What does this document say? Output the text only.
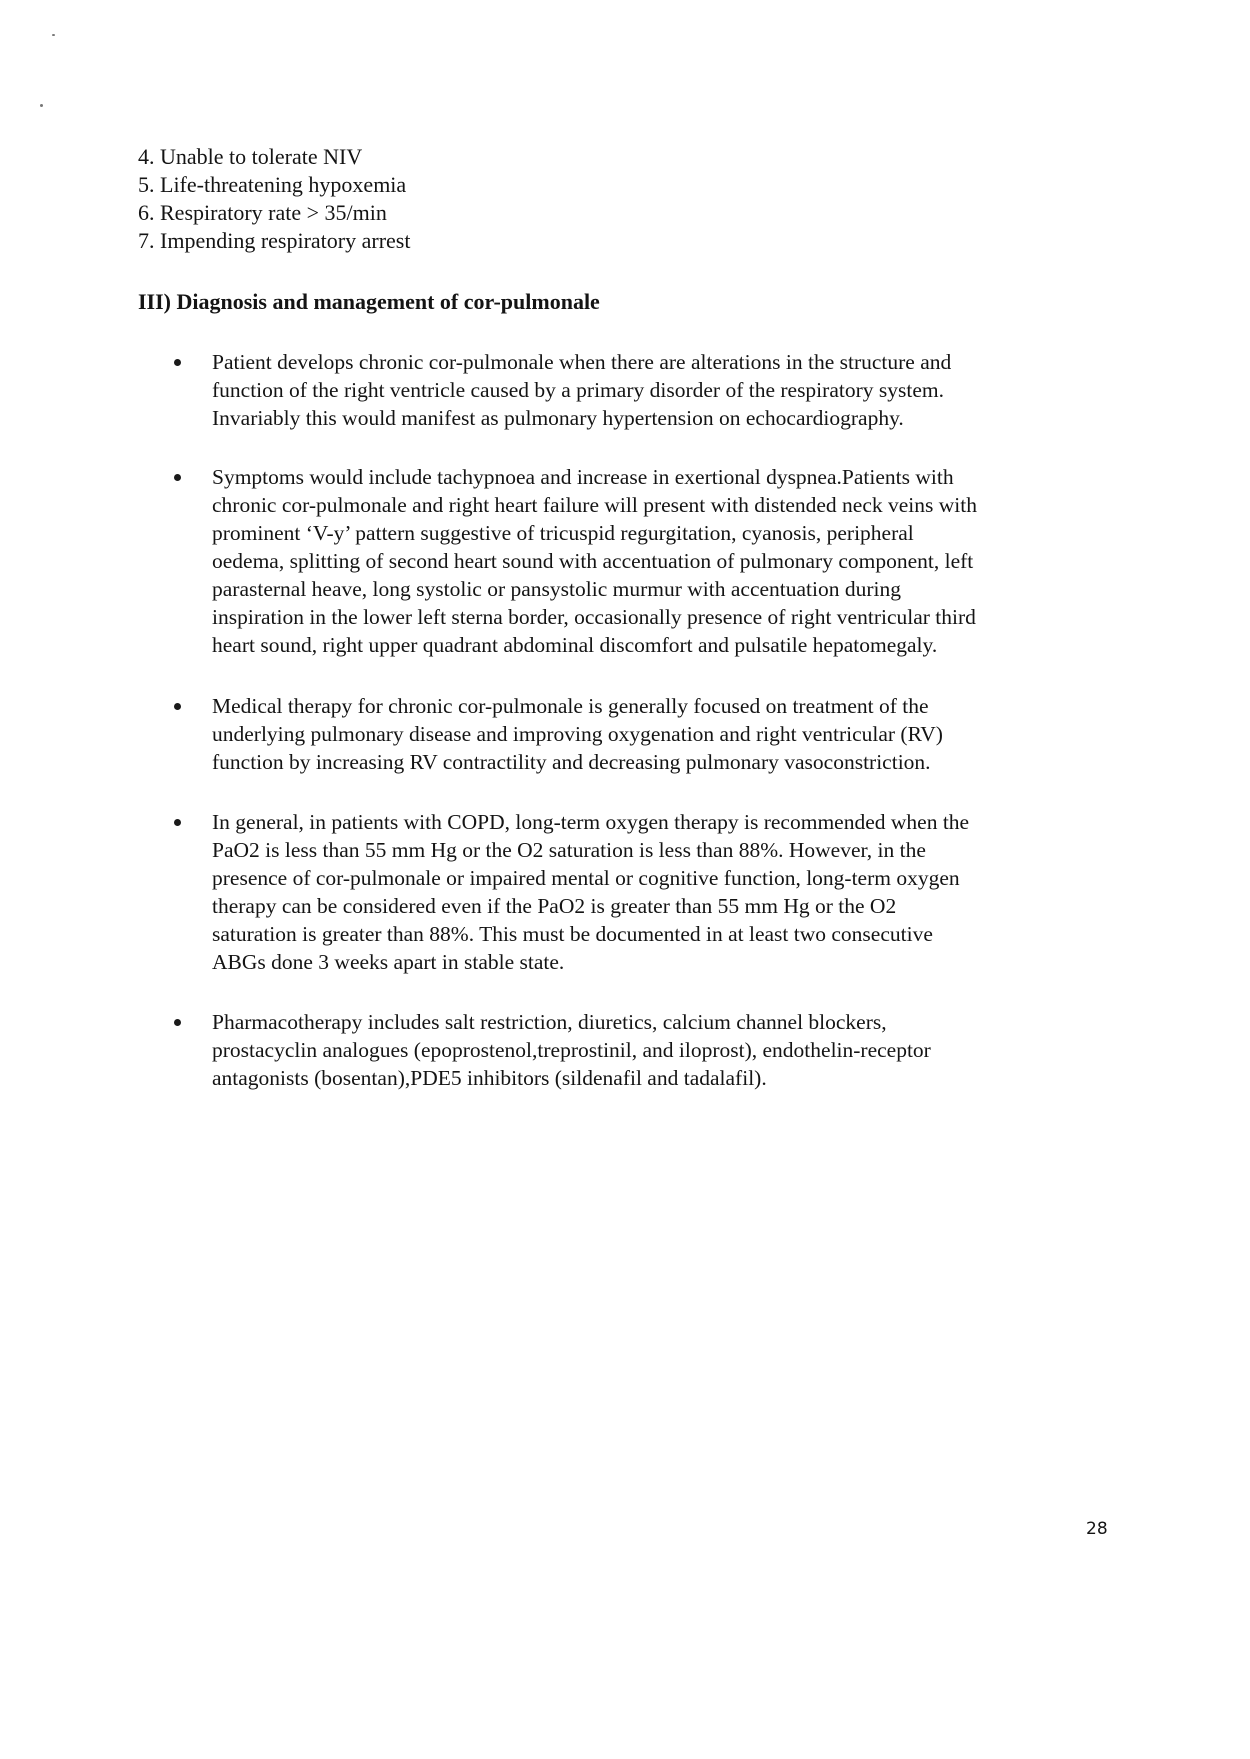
4. Unable to tolerate NIV
5. Life-threatening hypoxemia
6. Respiratory rate > 35/min
7. Impending respiratory arrest
III) Diagnosis and management of cor-pulmonale

Patient develops chronic cor-pulmonale when there are alterations in the structure and
function of the right ventricle caused by a primary disorder of the respiratory system.
Invariably this would manifest as pulmonary hypertension on echocardiography.

Symptoms would include tachypnoea and increase in exertional dyspnea.Patients with
chronic cor-pulmonale and right heart failure will present with distended neck veins with
prominent ‘V-y’ pattern suggestive of tricuspid regurgitation, cyanosis, peripheral
oedema, splitting of second heart sound with accentuation of pulmonary component, left
parasternal heave, long systolic or pansystolic murmur with accentuation during
inspiration in the lower left sterna border, occasionally presence of right ventricular third
heart sound, right upper quadrant abdominal discomfort and pulsatile hepatomegaly.

Medical therapy for chronic cor-pulmonale is generally focused on treatment of the
underlying pulmonary disease and improving oxygenation and right ventricular (RV)
function by increasing RV contractility and decreasing pulmonary vasoconstriction.

In general, in patients with COPD, long-term oxygen therapy is recommended when the
PaO2 is less than 55 mm Hg or the O2 saturation is less than 88%. However, in the
presence of cor-pulmonale or impaired mental or cognitive function, long-term oxygen
therapy can be considered even if the PaO2 is greater than 55 mm Hg or the O2
saturation is greater than 88%. This must be documented in at least two consecutive
ABGs done 3 weeks apart in stable state.

Pharmacotherapy includes salt restriction, diuretics, calcium channel blockers,
prostacyclin analogues (epoprostenol,treprostinil, and iloprost), endothelin-receptor
antagonists (bosentan),PDE5 inhibitors (sildenafil and tadalafil).

28
